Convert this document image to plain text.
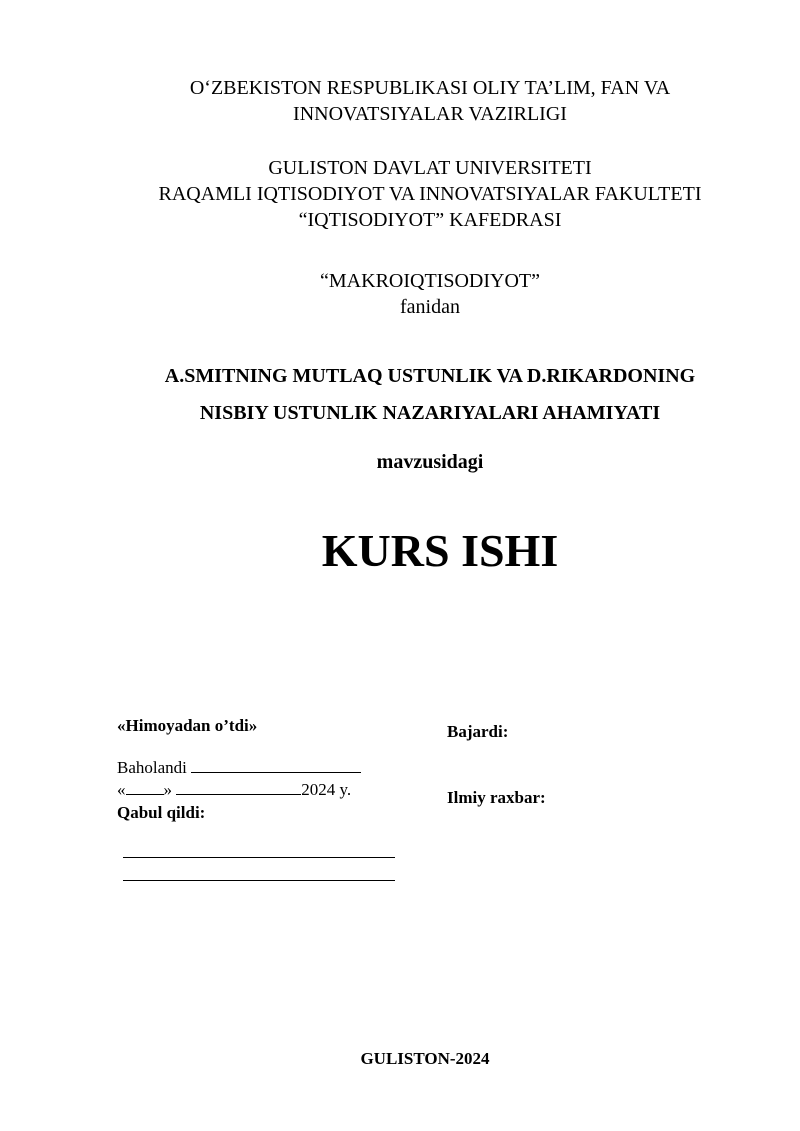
O‘ZBEKISTON RESPUBLIKASI OLIY TA’LIM, FAN VA
INNOVATSIYALAR VAZIRLIGI
GULISTON DAVLAT UNIVERSITETI
RAQAMLI IQTISODIYOT VA INNOVATSIYALAR FAKULTETI
“IQTISODIYOT” KAFEDRASI
“MAKROIQTISODIYOT”
fanidan
A.SMITNING MUTLAQ USTUNLIK VA D.RIKARDONING
NISBIY USTUNLIK NAZARIYALARI AHAMIYATI
mavzusidagi
KURS ISHI
«Himoyadan o’tdi»
Baholandi
« »	2024 y.
Qabul qildi:
Bajardi:
Ilmiy raxbar:
GULISTON-2024
